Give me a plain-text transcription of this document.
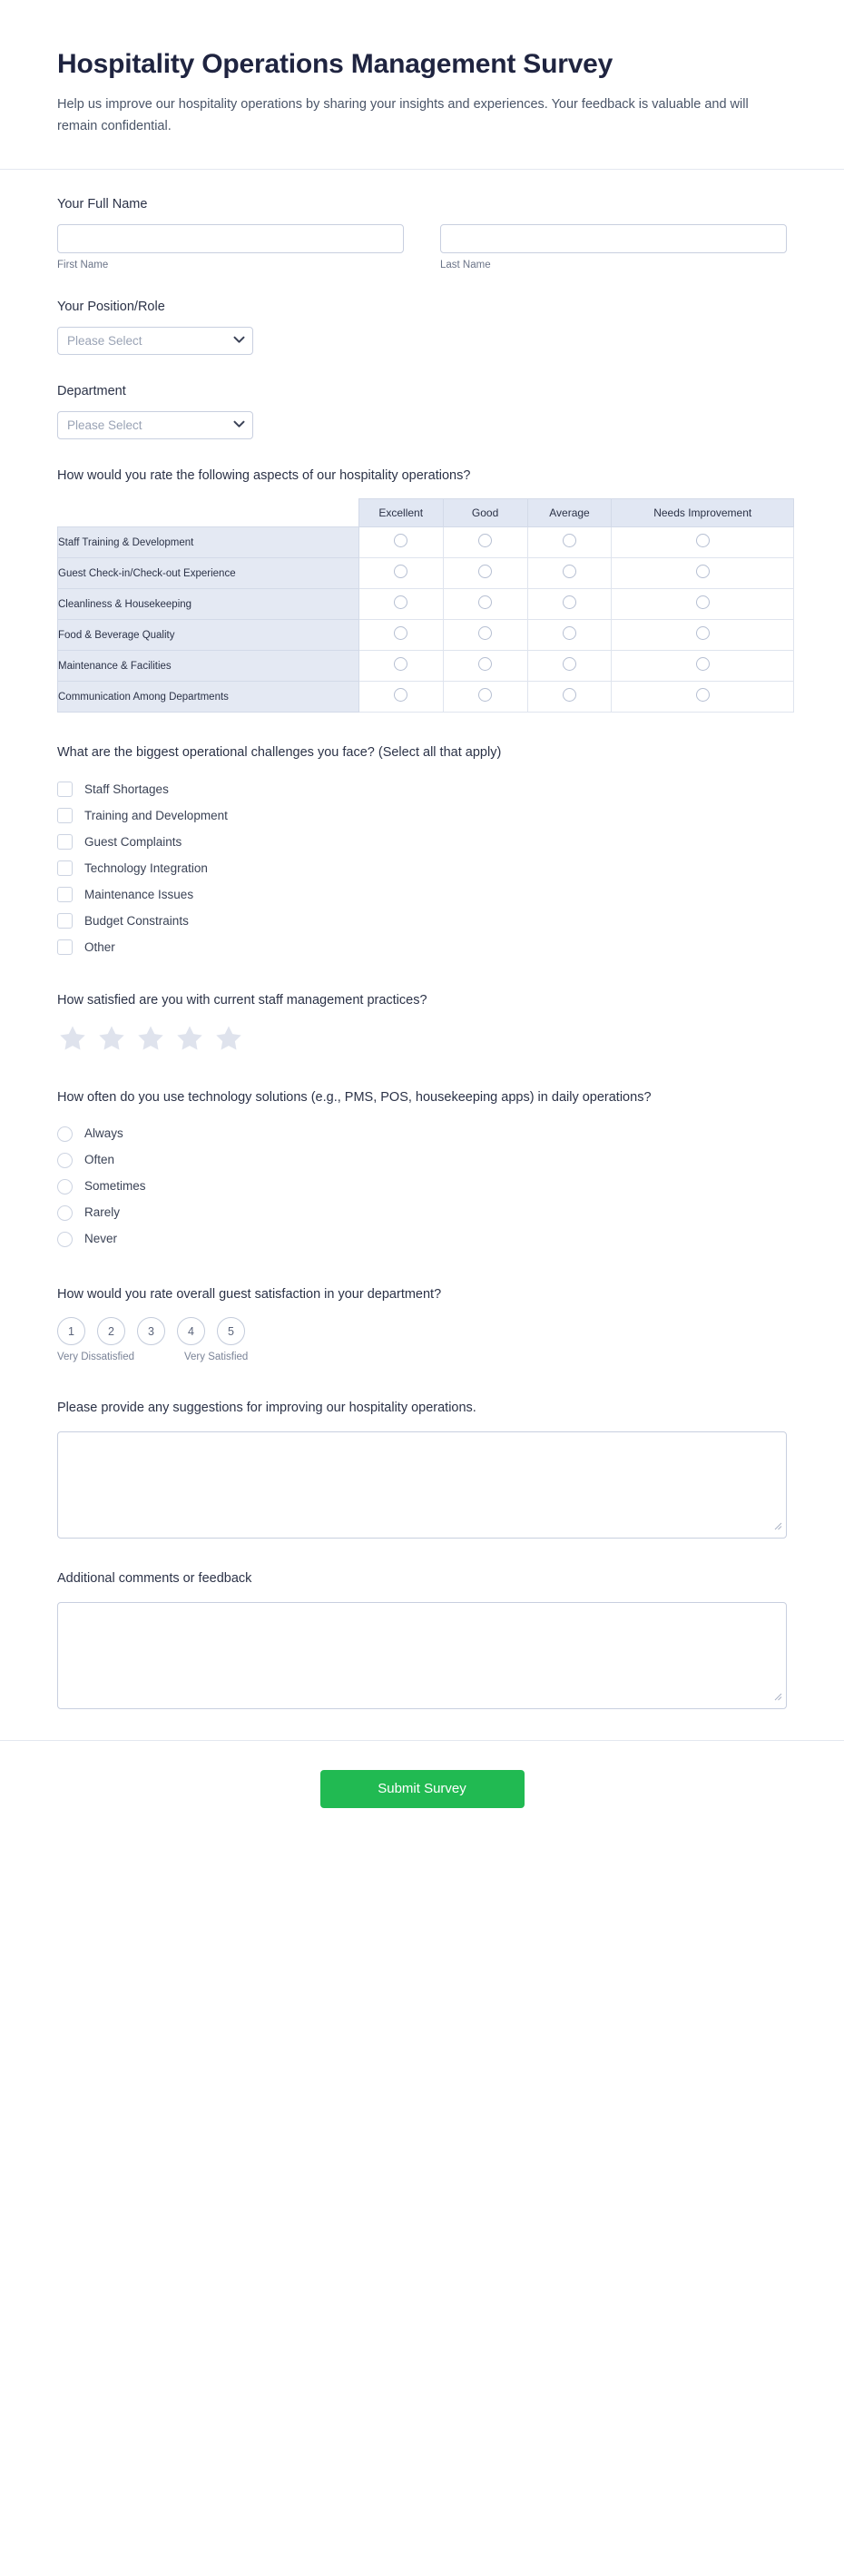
Hospitality Operations Management Survey

Help us improve our hospitality operations by sharing your insights and experiences. Your feedback is valuable and will remain confidential.

Your Full Name
First Name	Last Name
Your Position/Role
Please Select
Department
Please Select
How would you rate the following aspects of our hospitality operations?
	Excellent	Good	Average	Needs Improvement
Staff Training & Development				
Guest Check-in/Check-out Experience				
Cleanliness & Housekeeping				
Food & Beverage Quality				
Maintenance & Facilities				
Communication Among Departments				
What are the biggest operational challenges you face? (Select all that apply)
Staff Shortages
Training and Development
Guest Complaints
Technology Integration
Maintenance Issues
Budget Constraints
Other
How satisfied are you with current staff management practices?
How often do you use technology solutions (e.g., PMS, POS, housekeeping apps) in daily operations?
Always
Often
Sometimes
Rarely
Never
How would you rate overall guest satisfaction in your department?
1	2	3	4	5
Very Dissatisfied	Very Satisfied
Please provide any suggestions for improving our hospitality operations.
Additional comments or feedback
Submit Survey
